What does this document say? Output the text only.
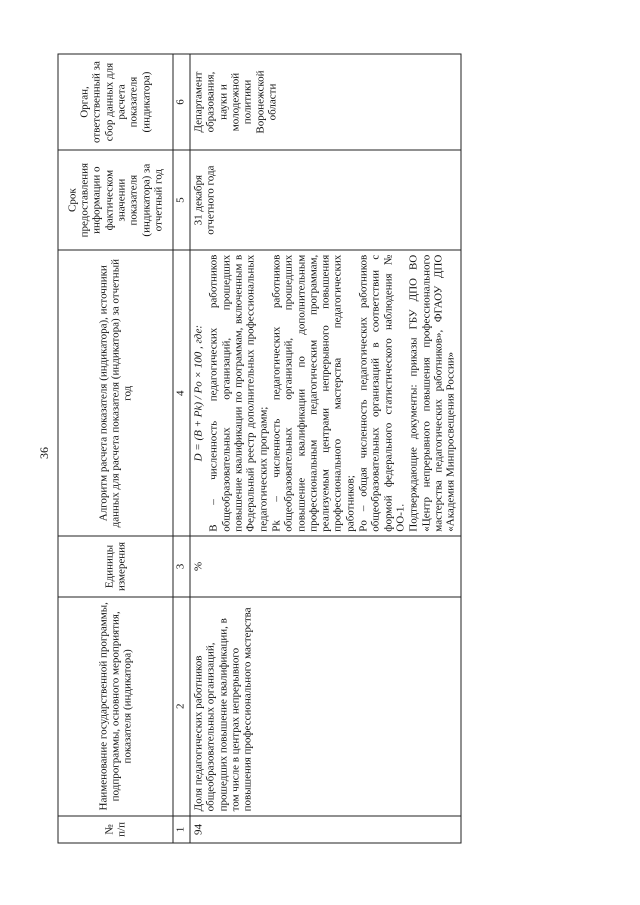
36
№ п/п	Наименование государственной программы, подпрограммы, основного мероприятия, показателя (индикатора)	Единицы измерения	Алгоритм расчета показателя (индикатора), источники данных для расчета показателя (индикатора) за отчетный год	Срок предоставления информации о фактическом значении показателя (индикатора) за отчетный год	Орган, ответственный за сбор данных для расчета показателя (индикатора)
1	2	3	4	5	6
94	Доля педагогических работников общеобразовательных организаций, прошедших повышение квалификации, в том числе в центрах непрерывного повышения профессионального мастерства	%	D = (B + Pk) / Po × 100 , где: B – численность педагогических работников общеобразовательных организаций, прошедших повышение квалификации по программам, включенным в Федеральный реестр дополнительных профессиональных педагогических программ; Pk – численность педагогических работников общеобразовательных организаций, прошедших повышение квалификации по дополнительным профессиональным педагогическим программам, реализуемым центрами непрерывного повышения профессионального мастерства педагогических работников; Po – общая численность педагогических работников общеобразовательных организаций в соответствии с формой федерального статистического наблюдения № ОО-1. Подтверждающие документы: приказы ГБУ ДПО ВО «Центр непрерывного повышения профессионального мастерства педагогических работников», ФГАОУ ДПО «Академия Минпросвещения России»	31 декабря отчетного года	Департамент образования, науки и молодежной политики Воронежской области
